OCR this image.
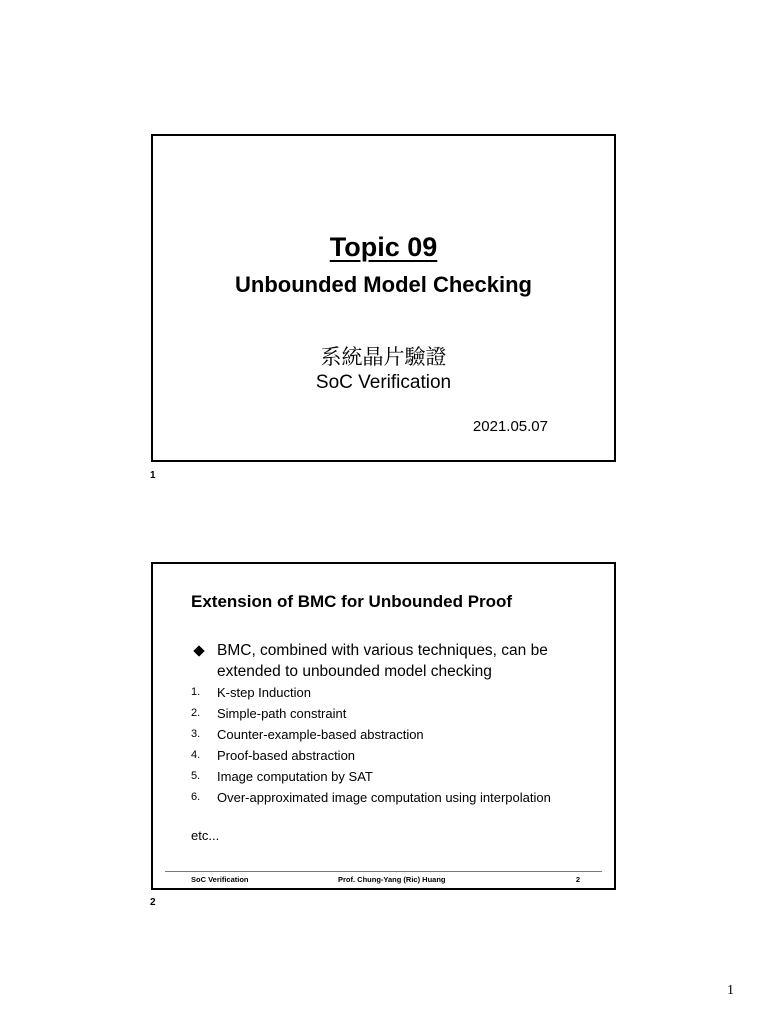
Topic 09
Unbounded Model Checking
系統晶片驗證
SoC Verification
2021.05.07
1
Extension of BMC for Unbounded Proof
BMC, combined with various techniques, can be extended to unbounded model checking
1.	K-step Induction
2.	Simple-path constraint
3.	Counter-example-based abstraction
4.	Proof-based abstraction
5.	Image computation by SAT
6.	Over-approximated image computation using interpolation
etc...
SoC Verification	Prof. Chung-Yang (Ric) Huang	2
2
1
